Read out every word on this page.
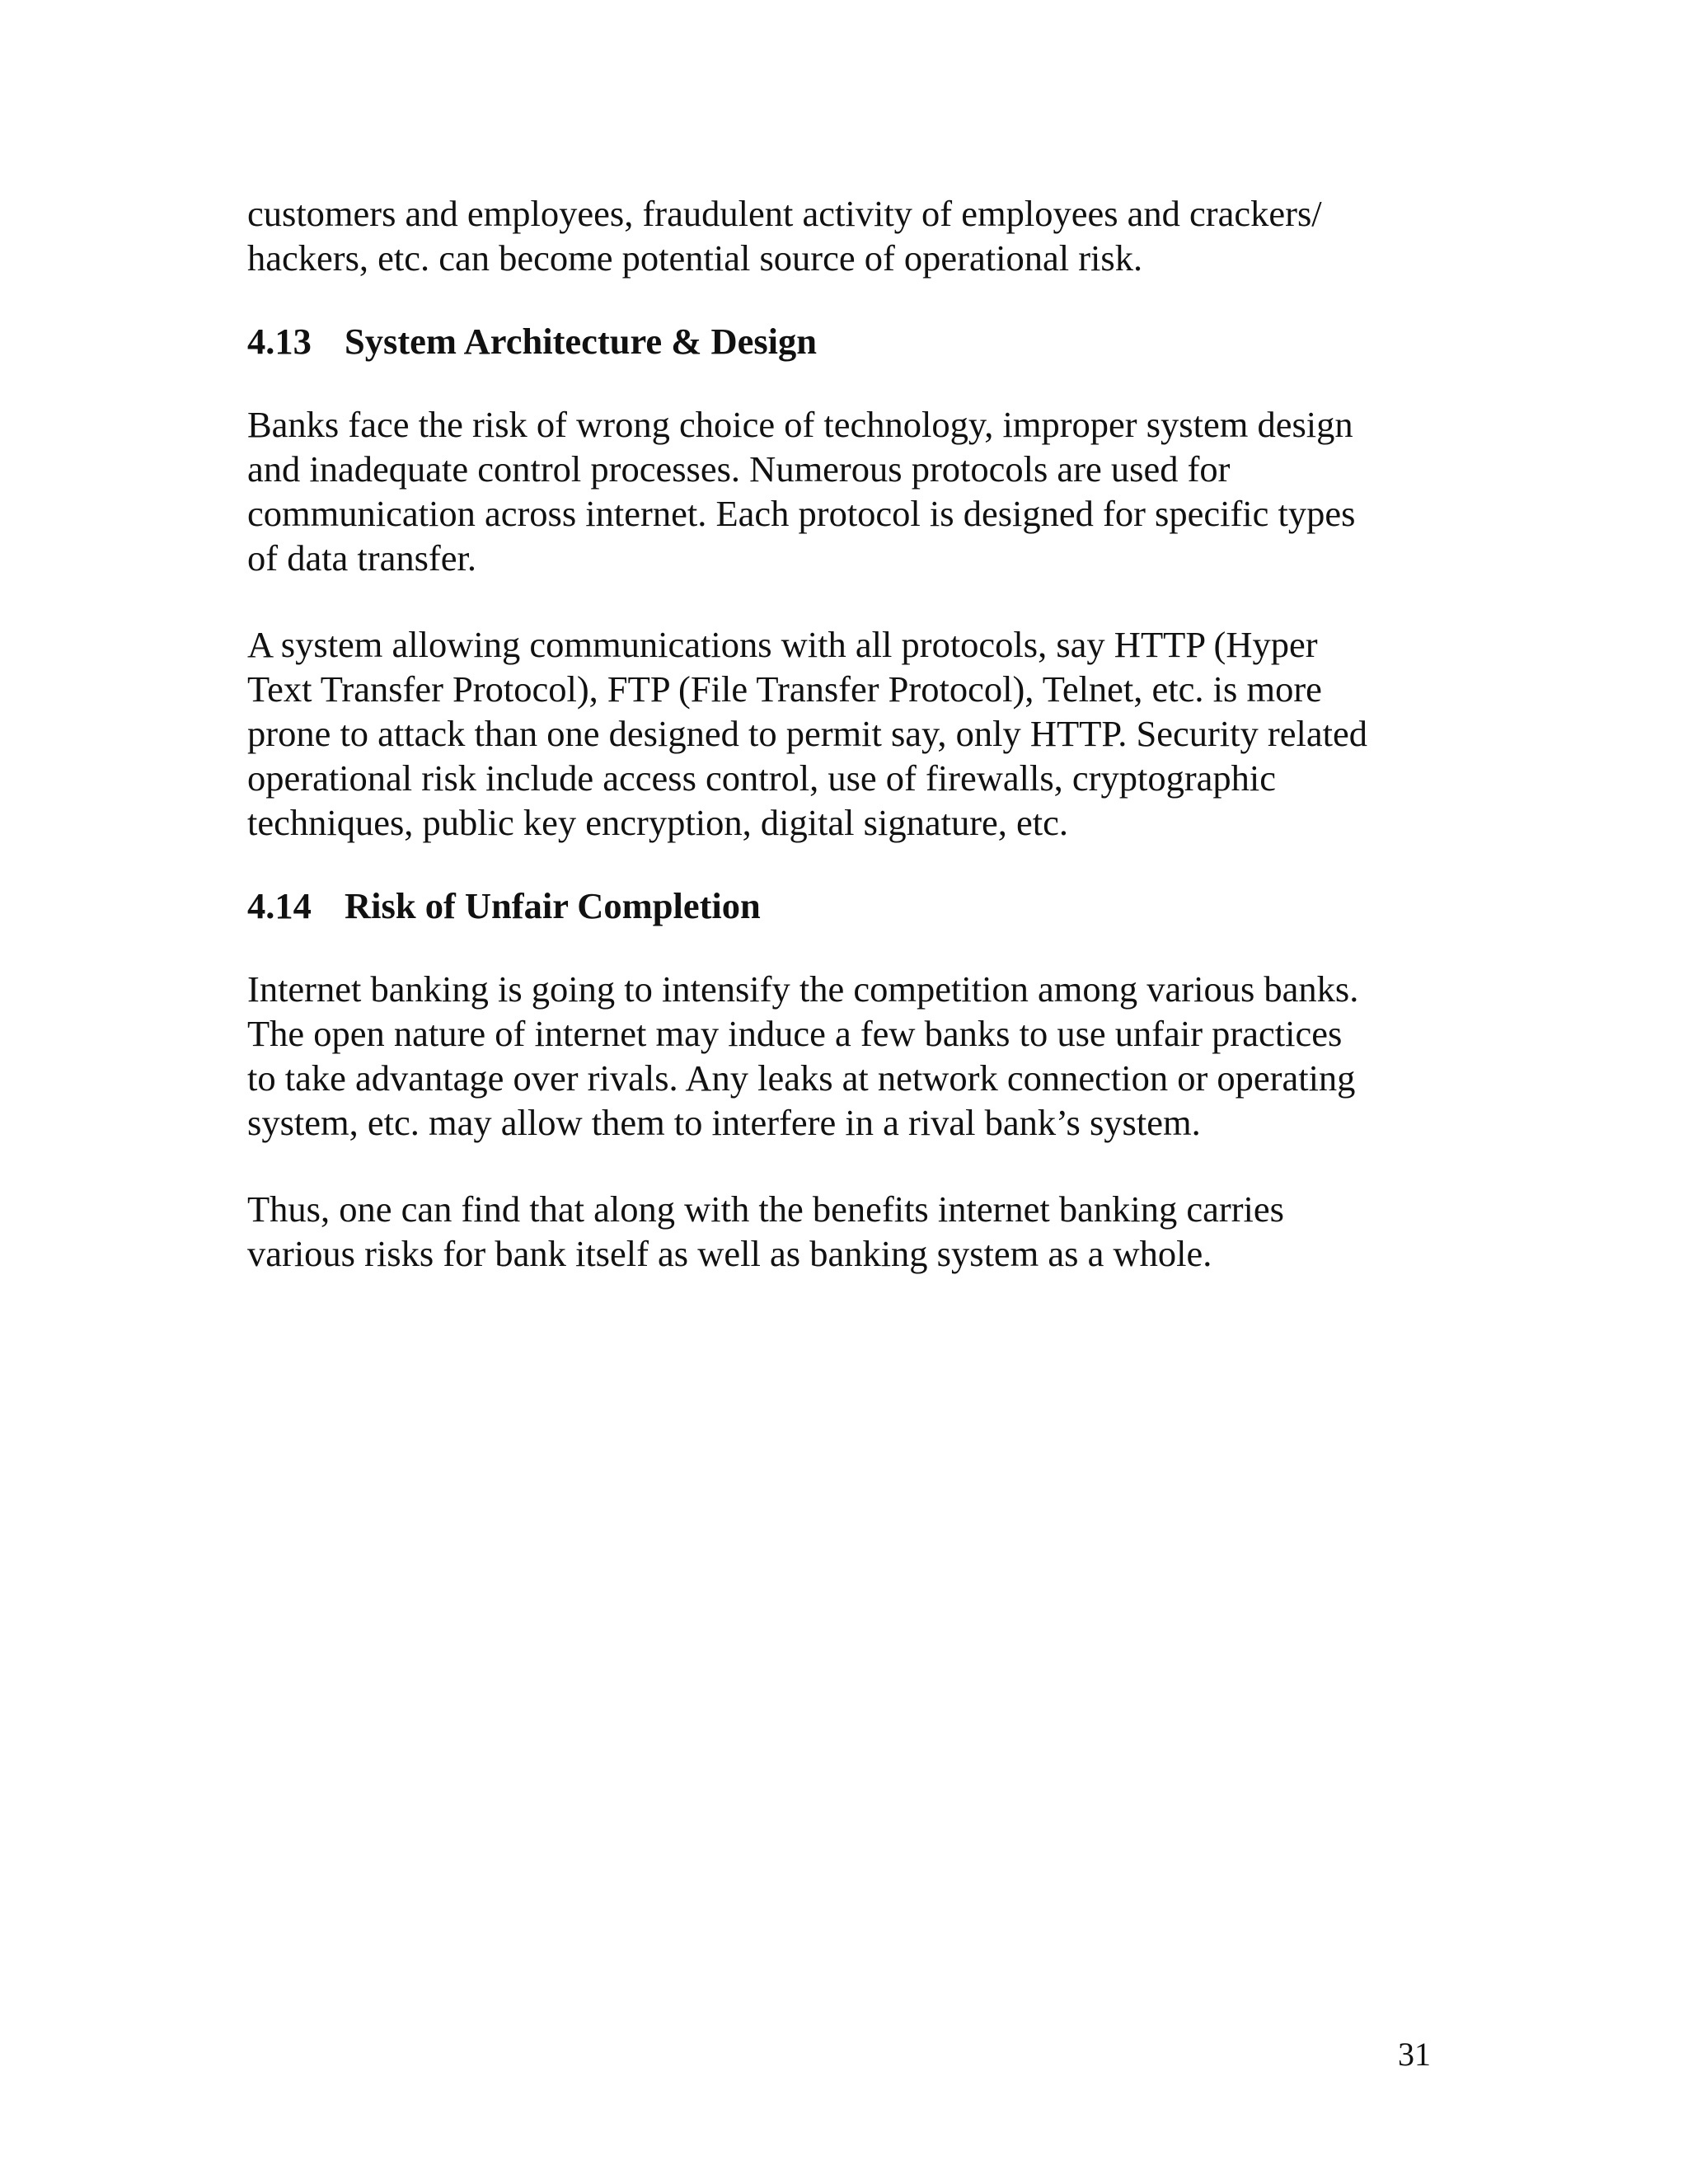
customers and employees, fraudulent activity of employees and crackers/
hackers, etc. can become potential source of operational risk.
4.13 System Architecture & Design
Banks face the risk of wrong choice of technology, improper system design
and inadequate control processes. Numerous protocols are used for
communication across internet. Each protocol is designed for specific types
of data transfer.
A system allowing communications with all protocols, say HTTP (Hyper
Text Transfer Protocol), FTP (File Transfer Protocol), Telnet, etc. is more
prone to attack than one designed to permit say, only HTTP. Security related
operational risk include access control, use of firewalls, cryptographic
techniques, public key encryption, digital signature, etc.
4.14 Risk of Unfair Completion
Internet banking is going to intensify the competition among various banks.
The open nature of internet may induce a few banks to use unfair practices
to take advantage over rivals. Any leaks at network connection or operating
system, etc. may allow them to interfere in a rival bank’s system.
Thus, one can find that along with the benefits internet banking carries
various risks for bank itself as well as banking system as a whole.
31
